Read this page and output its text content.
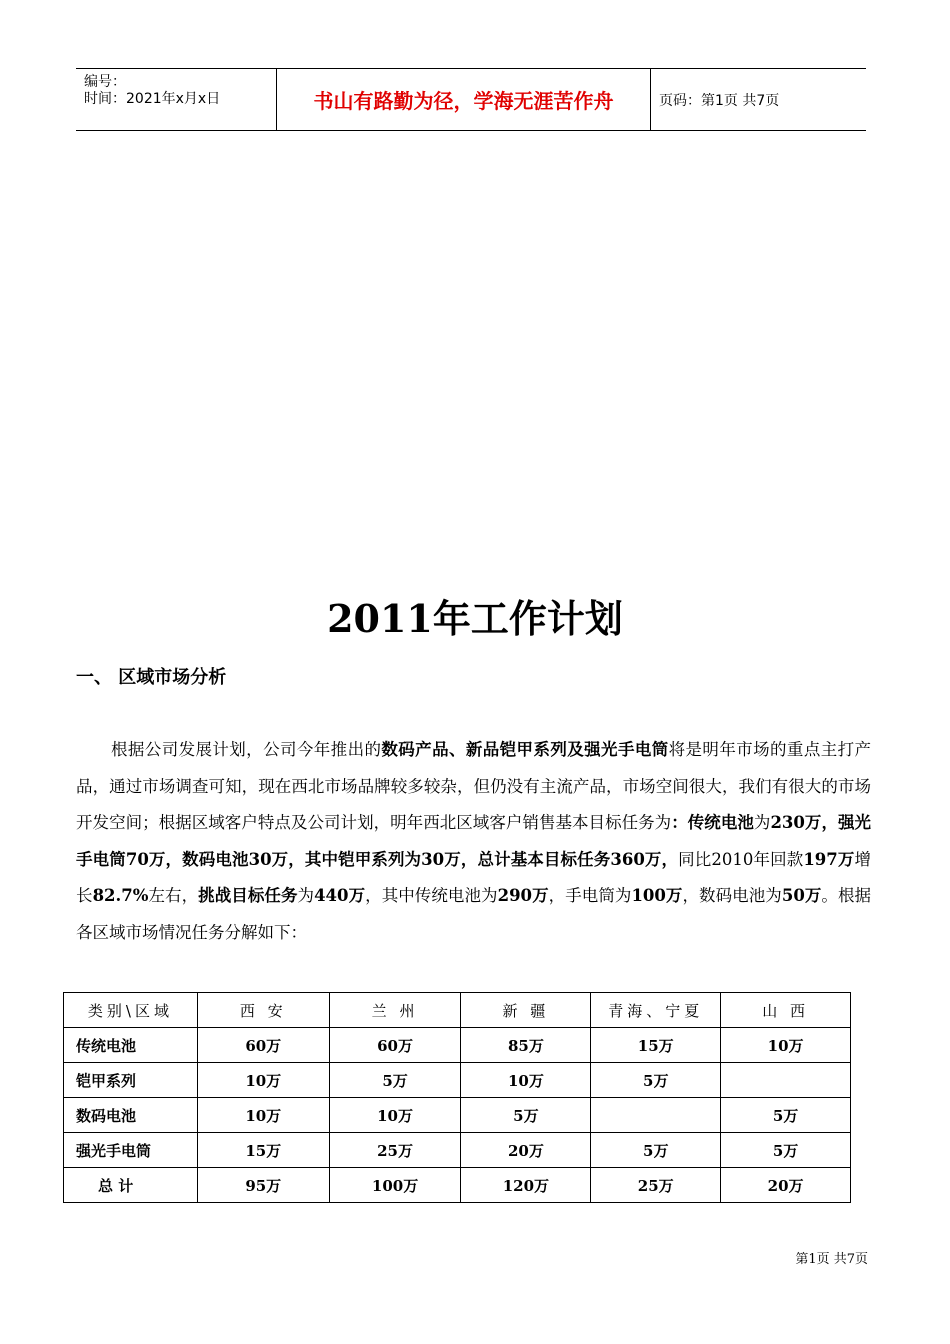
编号：
时间：2021年x月x日	书山有路勤为径，学海无涯苦作舟	页码：第1页 共7页
2011年工作计划
一、 区域市场分析
根据公司发展计划，公司今年推出的数码产品、新品铠甲系列及强光手电筒将是明年市场的重点主打产品，通过市场调查可知，现在西北市场品牌较多较杂，但仍没有主流产品，市场空间很大，我们有很大的市场开发空间；根据区域客户特点及公司计划，明年西北区域客户销售基本目标任务为：传统电池为230万，强光手电筒70万，数码电池30万，其中铠甲系列为30万，总计基本目标任务360万，同比2010年回款197万增长82.7%左右，挑战目标任务为440万，其中传统电池为290万，手电筒为100万，数码电池为50万。根据各区域市场情况任务分解如下：
类别\区域	西 安	兰 州	新 疆	青海、宁夏	山 西
传统电池	60万	60万	85万	15万	10万
铠甲系列	10万	5万	10万	5万	
数码电池	10万	10万	5万		5万
强光手电筒	15万	25万	20万	5万	5万
总 计	95万	100万	120万	25万	20万
第1页 共7页
